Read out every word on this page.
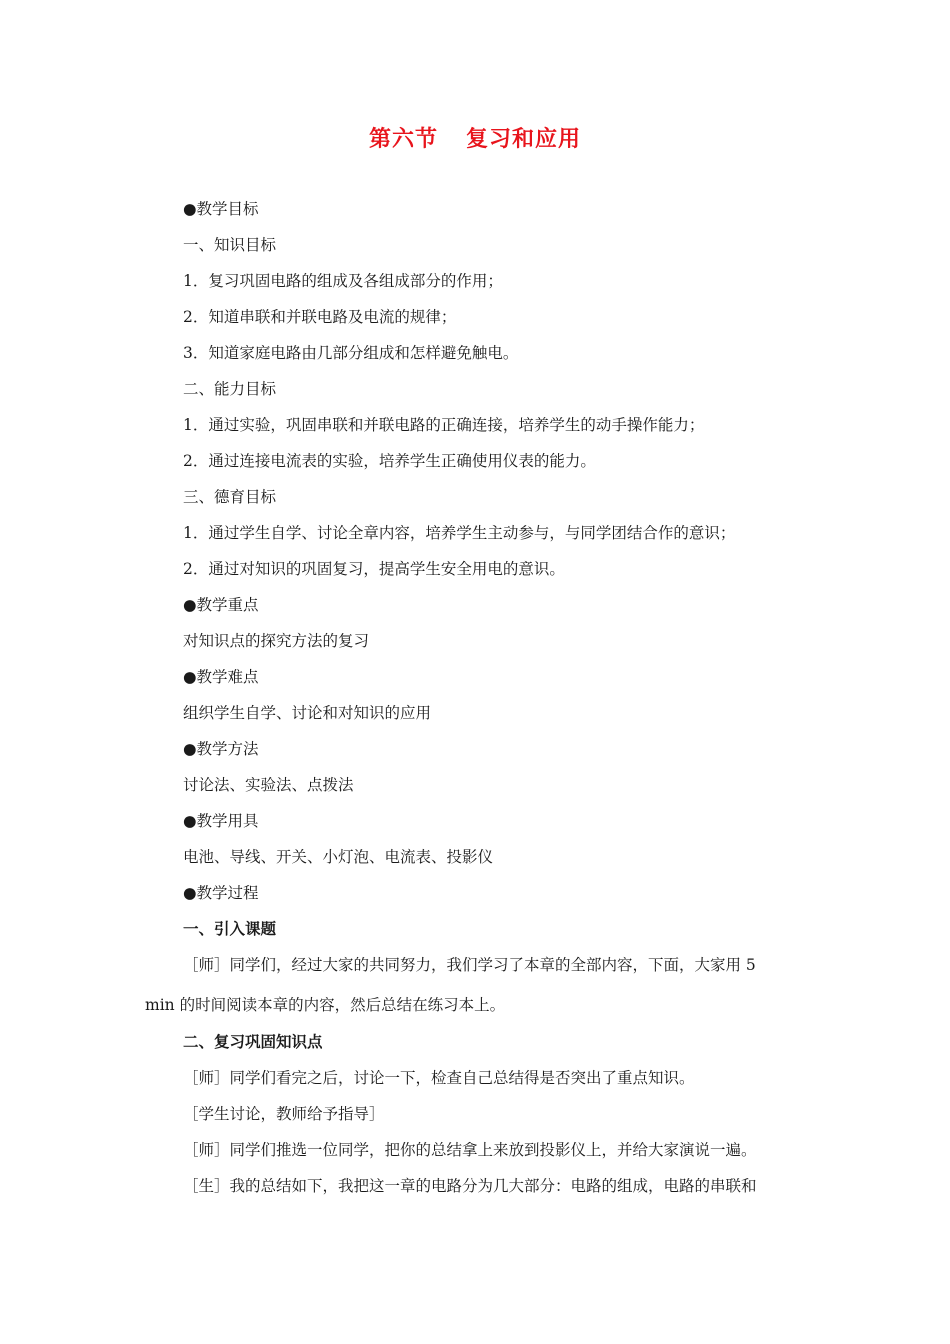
第六节 复习和应用
●教学目标
一、知识目标
1．复习巩固电路的组成及各组成部分的作用；
2．知道串联和并联电路及电流的规律；
3．知道家庭电路由几部分组成和怎样避免触电。
二、能力目标
1．通过实验，巩固串联和并联电路的正确连接，培养学生的动手操作能力；
2．通过连接电流表的实验，培养学生正确使用仪表的能力。
三、德育目标
1．通过学生自学、讨论全章内容，培养学生主动参与，与同学团结合作的意识；
2．通过对知识的巩固复习，提高学生安全用电的意识。
●教学重点
对知识点的探究方法的复习
●教学难点
组织学生自学、讨论和对知识的应用
●教学方法
讨论法、实验法、点拨法
●教学用具
电池、导线、开关、小灯泡、电流表、投影仪
●教学过程
一、引入课题
［师］同学们，经过大家的共同努力，我们学习了本章的全部内容，下面，大家用 5
min 的时间阅读本章的内容，然后总结在练习本上。
二、复习巩固知识点
［师］同学们看完之后，讨论一下，检查自己总结得是否突出了重点知识。
［学生讨论，教师给予指导］
［师］同学们推选一位同学，把你的总结拿上来放到投影仪上，并给大家演说一遍。
［生］我的总结如下，我把这一章的电路分为几大部分：电路的组成，电路的串联和
